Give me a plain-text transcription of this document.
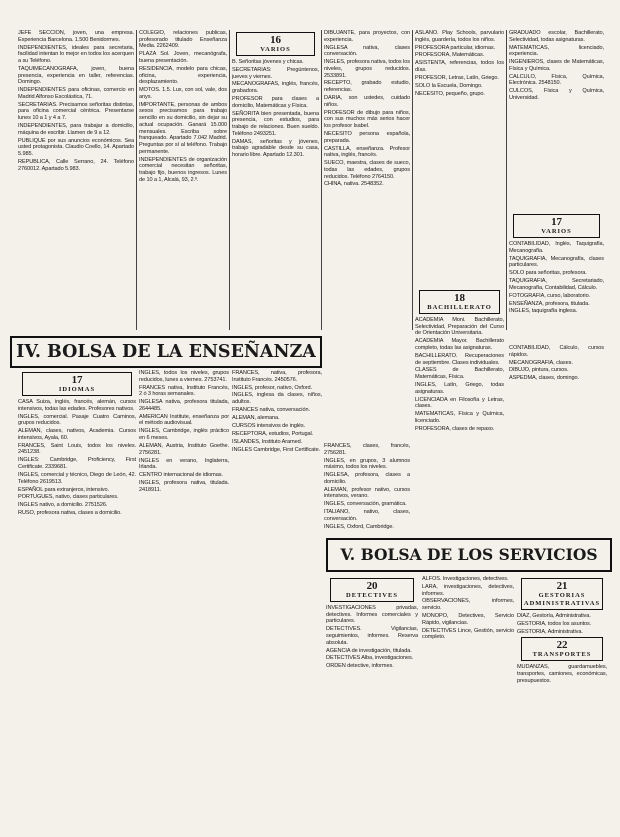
JEFE SECCION, joven, una empresa. Experiencia Barcelona. 1.500 Benidormes.

INDEPENDIENTES, ideales para secretaria, facilidad intentan lo mejor en todos los acerquen a su Teléfono.

TAQUIMECANOGRAFA, joven, buena presencia, experiencia en taller, referencias. Domingo.

INDEPENDIENTES para oficinas, comercio en Madrid Alfonso Escolástica, 71.

SECRETARIAS. Precisamos señoritas distintas, para oficina comercial céntrica. Presentarse lunes 10 a 1 y 4 a 7.

INDEPENDIENTES, para trabajar a domicilio, máquina de escribir. Llamen de 9 a 12.

PUBLIQUE por sus anuncios económicos. Sea usted protagonista. Claudio Coello, 14. Apartado 5.985.

REPUBLICA, Calle Serrano, 24. Teléfono 2760012. Apartado 5.983.

COLEGIO, relaciones publicas, profesorado titulado Enseñanza Media. 2262409.

PLAZA Sol. Joven, mecanógrafa, buena presentación.

RESIDENCIA, modelo para chicas, oficina, experiencia, desplazamiento.

MOTOS. 1.5. Lux, con sol, vale, dos anys.

IMPORTANTE, personas de ambos sexos precisamos para trabajo sencillo en su domicilio, sin dejar su actual ocupación. Ganará 15.000 mensuales. Escriba sobre franqueado. Apartado 7.042 Madrid. Preguntas por sí al teléfono. Trabajo permanente.

INDEPENDIENTES de organización comercial necesitan señoritas, trabajo fijo, buenos ingresos. Lunes de 10 a 1, Alcalá, 93, 2.º.

16
VARIOS

B. Señoritas jóvenes y chicas.

SECRETARIAS: Pregúntenos, jueves y viernes.

MECANOGRAFAS, inglés, francés, grabadora.

PROFESOR para clases a domicilio, Matemáticas y Física.

SEÑORITA bien presentada, buena presencia, con estudios, para trabajo de relaciones. Buen sueldo. Teléfono 2493251.

DAMAS, señoritas y jóvenes, trabajo agradable desde su casa, horario libre. Apartado 12.301.

DIBUJANTE, para proyectos, con experiencia.

INGLESA nativa, clases conversación.

INGLES, profesora nativa, todos los niveles, grupos reducidos. 2533891.

RECEPTO, grabado estudio, referencias.

DARIA, son ustedes, cuidado niños.

PROFESOR de dibujo para niños, con sus muchos más serios hacer los profesor Isabel.

NECESITO persona española, preparada.

CASTILLA, enseñanza. Profesor nativa, inglés, francés.

SUECO, maestra, clases de sueco, todas las edades, grupos reducidos. Teléfono 2764150.

CHINA, nativa. 2548352.

ASLANO. Play Schools, parvulario inglés, guardería, todos los niños.

PROFESORA particular, idiomas.

PROFESORA, Matemáticas.

ASISTENTA, referencias, todos los días.

PROFESOR, Letras, Latín, Griego.

SOLO la Escuela, Domingo.

NECESITO, pequeño, grupo.

GRADUADO escolar, Bachillerato, Selectividad, todas asignaturas.

MATEMATICAS, licenciado, experiencia.

INGENIEROS, clases de Matemáticas, Física y Química.

CALCULO, Física, Química, Electrónica. 2548150.

CULCOS, Física y Química, Universidad.

17
VARIOS

CONTABILIDAD, Inglés, Taquigrafía, Mecanografía.

TAQUIGRAFIA, Mecanografía, clases particulares.

SOLO para señoritas, profesora.

TAQUIGRAFIA, Secretariado, Mecanografía, Contabilidad, Cálculo.

FOTOGRAFIA, curso, laboratorio.

ENSEÑANZA, profesora, titulada.

INGLES, taquigrafía inglesa.

18
BACHILLERATO

ACADEMIA Moni. Bachillerato, Selectividad, Preparación del Curso de Orientación Universitaria.

ACADEMIA Mayor. Bachillerato completo, todas las asignaturas.

BACHILLERATO. Recuperaciones de septiembre. Clases individuales.

CLASES de Bachillerato, Matemáticas, Física.

INGLES, Latín, Griego, todas asignaturas.

LICENCIADA en Filosofía y Letras, clases.

MATEMATICAS, Física y Química, licenciado.

PROFESORA, clases de repaso.

CONTABILIDAD, Cálculo, cursos rápidos.

MECANOGRAFIA, clases.

DIBUJO, pintura, cursos.

ASPEDMA, clases, domingo.

IV. BOLSA DE LA ENSEÑANZA
17
IDIOMAS

CASA Suiza, inglés, francés, alemán, cursos intensivos, todas las edades. Profesores nativos.

INGLES, comercial. Pasaje Cuatro Caminos, grupos reducidos.

ALEMAN, clases, nativos, Academia. Cursos intensivos, Ayala, 60.

FRANCES, Saint Louis, todos los niveles. 2451238.

INGLES: Cambridge, Proficiency, First Certificate. 2339681.

INGLES, comercial y técnico, Diego de León, 42. Teléfono 2619513.

ESPAÑOL para extranjeros, intensivo.

PORTUGUES, nativo, clases particulares.

INGLES nativo, a domicilio. 2751526.

RUSO, profesora nativa, clases a domicilio.

INGLES, todos los niveles, grupos reducidos, lunes a viernes. 2753741.

FRANCES nativa, Instituto Francés, 2 ó 3 horas semanales.

INGLESA nativa, profesora titulada, 2644485.

AMERICAN Institute, enseñanza por el método audiovisual.

INGLES, Cambridge, inglés práctico en 6 meses.

ALEMAN, Austria, Instituto Goethe. 2756281.

INGLES en verano, Inglaterra, Irlanda.

CENTRO internacional de idiomas.

INGLES, profesora nativa, titulada. 2418911.

FRANCES, nativa, profesora, Instituto Francés. 2450576.

INGLES, profesor, nativo, Oxford.

INGLES, inglesa da clases, niños, adultos.

FRANCES nativa, conversación.

ALEMAN, alemana.

CURSOS intensivos de inglés.

RECEPTORA, estudios, Portugal.

ISLANDES, Instituto Aramed.

INGLES Cambridge, First Certificate.

FRANCES, clases, francés, 2756281.

INGLES, en grupos, 3 alumnos máximo, todos los niveles.

INGLESA, profesora, clases a domicilio.

ALEMAN, profesor nativo, cursos intensivos, verano.

INGLES, conversación, gramática.

ITALIANO, nativo, clases, conversación.

INGLES, Oxford, Cambridge.

V. BOLSA DE LOS SERVICIOS
20
DETECTIVES

INVESTIGACIONES privadas, detectives. Informes comerciales y particulares.

DETECTIVES. Vigilancias, seguimientos, informes. Reserva absoluta.

AGENCIA de investigación, titulada.

DETECTIVES Alba, investigaciones.

ORDEN detective, informes.

ALFOS. Investigaciones, detectives.

LARA, investigaciones, detectives, informes.

OBSERVACIONES, informes, servicio.

MONOPO, Detectives, Servicio Rápido, vigilancias.

DETECTIVES Lince, Gestión, servicio completo.

21
GESTORIAS ADMINISTRATIVAS

DIAZ, Gestoría, Administrativa.

GESTORIA, todos los asuntos.

GESTORIA, Administrativa.

22
TRANSPORTES

MUDANZAS, guardamuebles, transportes, camiones, económicas, presupuestos.
